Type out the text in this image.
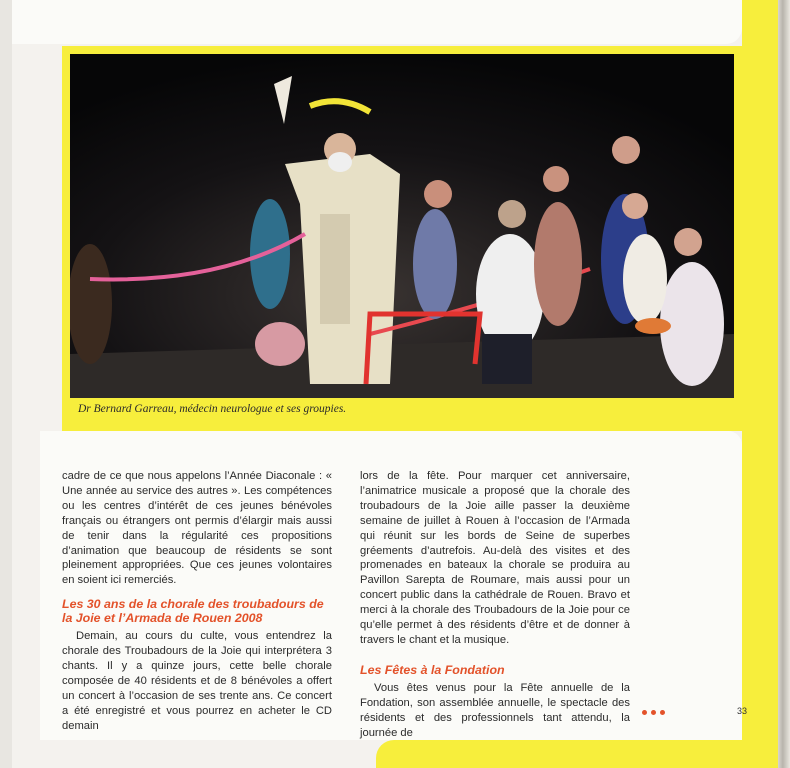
Dr Bernard Garreau, médecin neurologue et ses groupies.

cadre de ce que nous appelons l’Année Diaconale : « Une année au service des autres ». Les compétences ou les centres d’intérêt de ces jeunes bénévoles français ou étrangers ont permis d’élargir mais aussi de tenir dans la régularité ces propositions d’animation que beaucoup de résidents se sont pleinement appropriées. Que ces jeunes volontaires en soient ici remerciés.

Les 30 ans de la chorale des troubadours de la Joie et l’Armada de Rouen 2008

Demain, au cours du culte, vous entendrez la chorale des Troubadours de la Joie qui interprétera 3 chants. Il y a quinze jours, cette belle chorale composée de 40 résidents et de 8 bénévoles a offert un concert à l’occasion de ses trente ans. Ce concert a été enregistré et vous pourrez en acheter le CD demain

lors de la fête. Pour marquer cet anniversaire, l’animatrice musicale a proposé que la chorale des troubadours de la Joie aille passer la deuxième semaine de juillet à Rouen à l’occasion de l’Armada qui réunit sur les bords de Seine de superbes gréements d’autrefois. Au-delà des visites et des promenades en bateaux la chorale se produira au Pavillon Sarepta de Roumare, mais aussi pour un concert public dans la cathédrale de Rouen. Bravo et merci à la chorale des Troubadours de la Joie pour ce qu’elle permet à des résidents d’être et de donner à travers le chant et la musique.

Les Fêtes à la Fondation

Vous êtes venus pour la Fête annuelle de la Fondation, son assemblée annuelle, le spectacle des résidents et des professionnels tant attendu, la journée de

33
